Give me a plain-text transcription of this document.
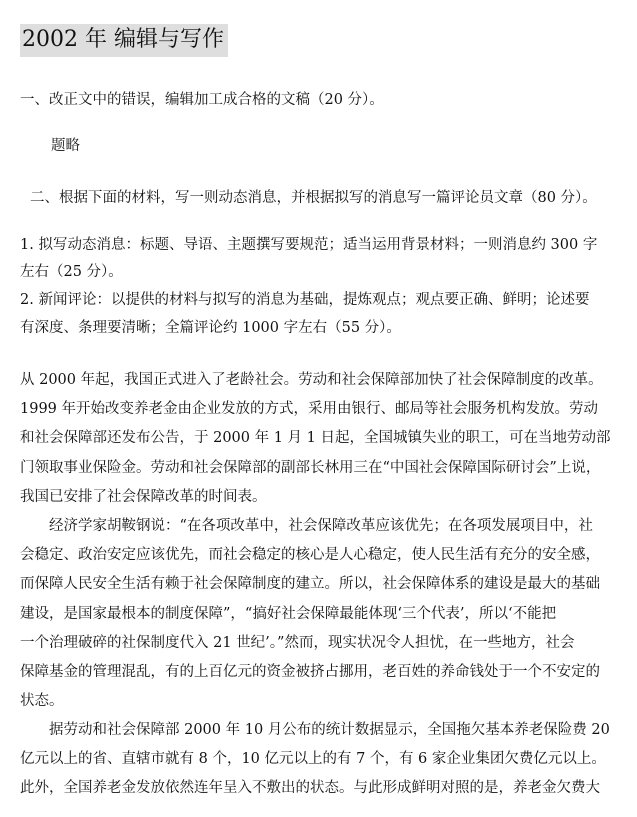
2002 年 编辑与写作
一、改正文中的错误，编辑加工成合格的文稿（20 分）。
题略
二、根据下面的材料，写一则动态消息，并根据拟写的消息写一篇评论员文章（80 分）。
1. 拟写动态消息：标题、导语、主题撰写要规范；适当运用背景材料；一则消息约 300 字
左右（25 分）。
2. 新闻评论：以提供的材料与拟写的消息为基础，提炼观点；观点要正确、鲜明；论述要
有深度、条理要清晰；全篇评论约 1000 字左右（55 分）。
从 2000 年起，我国正式进入了老龄社会。劳动和社会保障部加快了社会保障制度的改革。
1999 年开始改变养老金由企业发放的方式，采用由银行、邮局等社会服务机构发放。劳动
和社会保障部还发布公告，于 2000 年 1 月 1 日起，全国城镇失业的职工，可在当地劳动部
门领取事业保险金。劳动和社会保障部的副部长林用三在“中国社会保障国际研讨会”上说，
我国已安排了社会保障改革的时间表。
经济学家胡鞍钢说：“在各项改革中，社会保障改革应该优先；在各项发展项目中，社
会稳定、政治安定应该优先，而社会稳定的核心是人心稳定，使人民生活有充分的安全感，
而保障人民安全生活有赖于社会保障制度的建立。所以，社会保障体系的建设是最大的基础
建设，是国家最根本的制度保障”，“搞好社会保障最能体现‘三个代表’，所以‘不能把
一个治理破碎的社保制度代入 21 世纪’。”然而，现实状况令人担忧，在一些地方，社会
保障基金的管理混乱，有的上百亿元的资金被挤占挪用，老百姓的养命钱处于一个不安定的
状态。
据劳动和社会保障部 2000 年 10 月公布的统计数据显示，全国拖欠基本养老保险费 20
亿元以上的省、直辖市就有 8 个，10 亿元以上的有 7 个，有 6 家企业集团欠费亿元以上。
此外，全国养老金发放依然连年呈入不敷出的状态。与此形成鲜明对照的是，养老金欠费大
